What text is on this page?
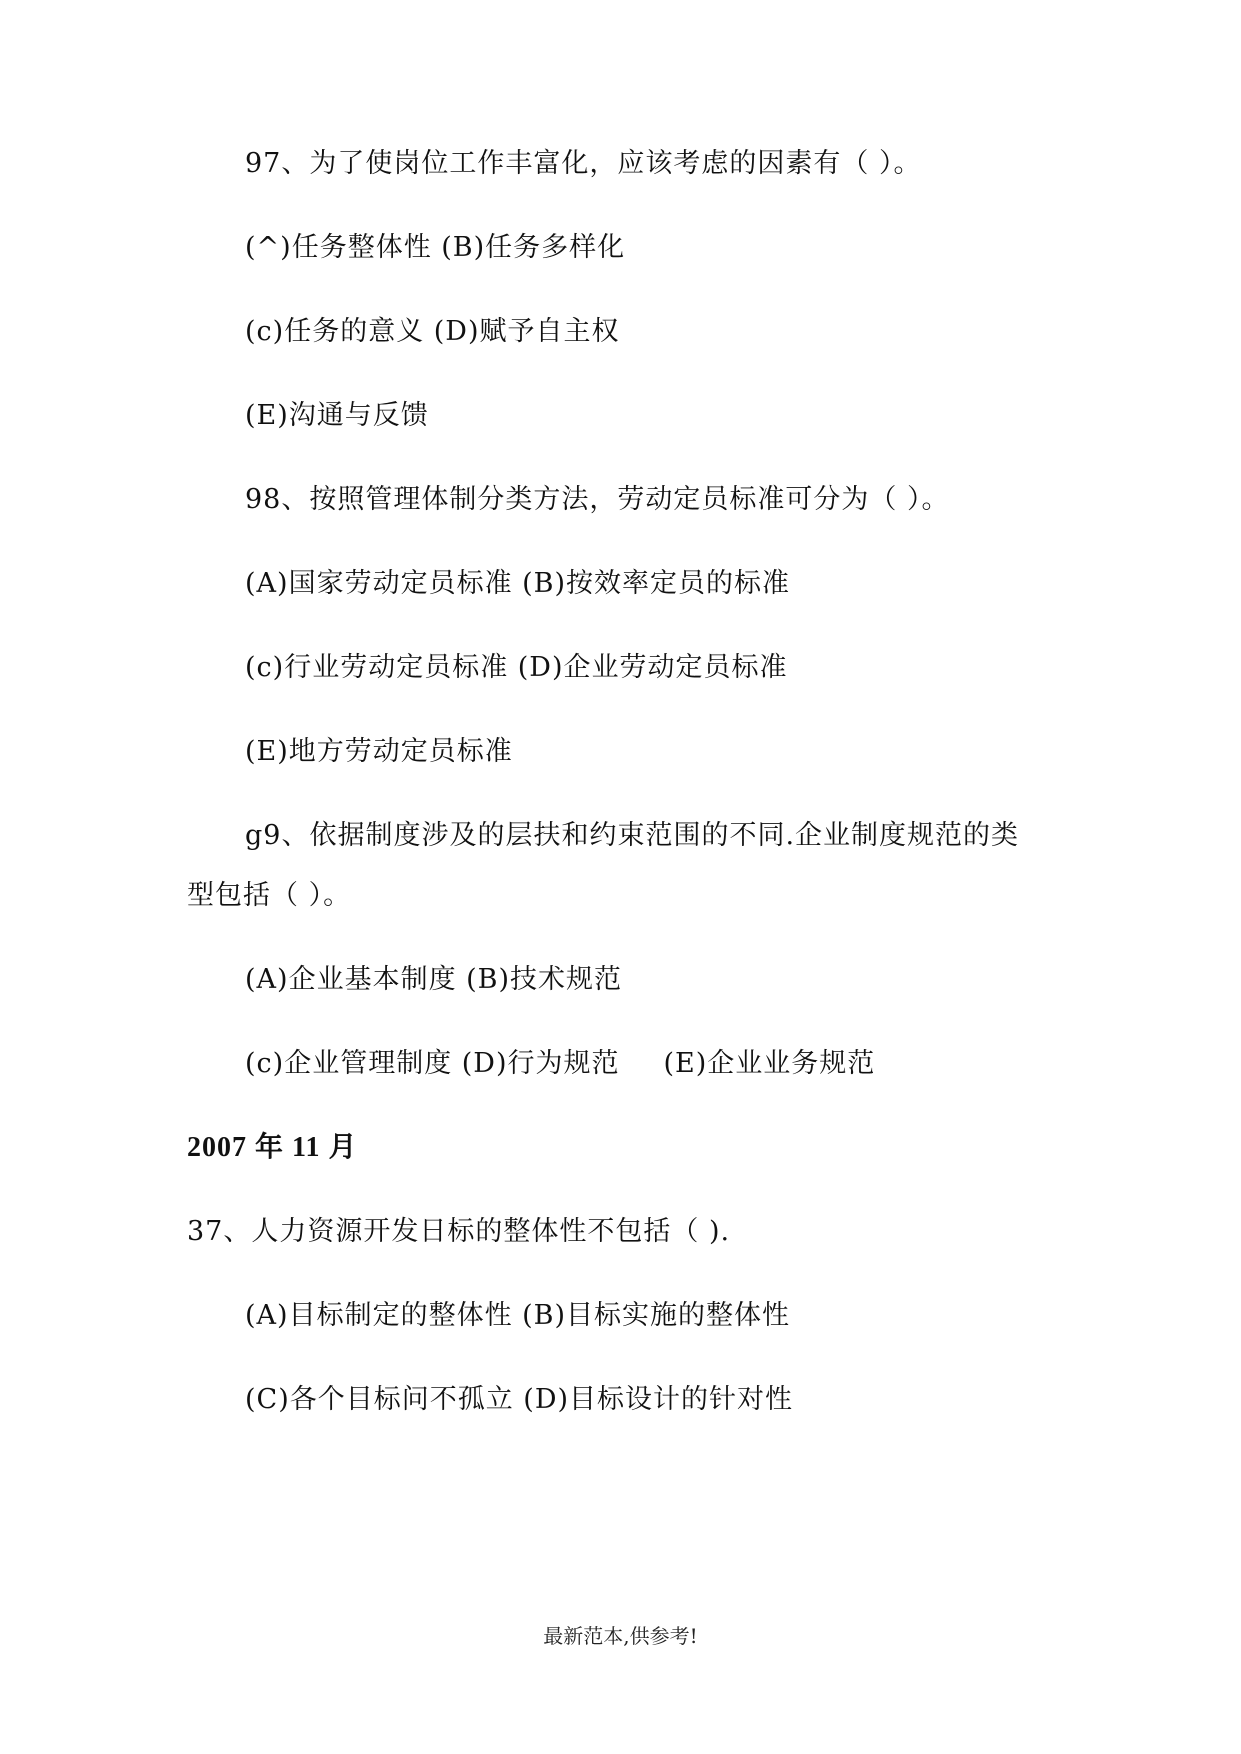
97、为了使岗位工作丰富化，应该考虑的因素有（ ）。
(^)任务整体性 (B)任务多样化
(c)任务的意义 (D)赋予自主权
(E)沟通与反馈
98、按照管理体制分类方法，劳动定员标准可分为（ ）。
(A)国家劳动定员标准 (B)按效率定员的标准
(c)行业劳动定员标准 (D)企业劳动定员标准
(E)地方劳动定员标准
g9、依据制度涉及的层扶和约束范围的不同.企业制度规范的类
型包括（ ）。
(A)企业基本制度 (B)技术规范
(c)企业管理制度 (D)行为规范 (E)企业业务规范
2007 年 11 月
37、人力资源开发日标的整体性不包括（ ).
(A)目标制定的整体性 (B)目标实施的整体性
(C)各个目标问不孤立 (D)目标设计的针对性
最新范本,供参考!
